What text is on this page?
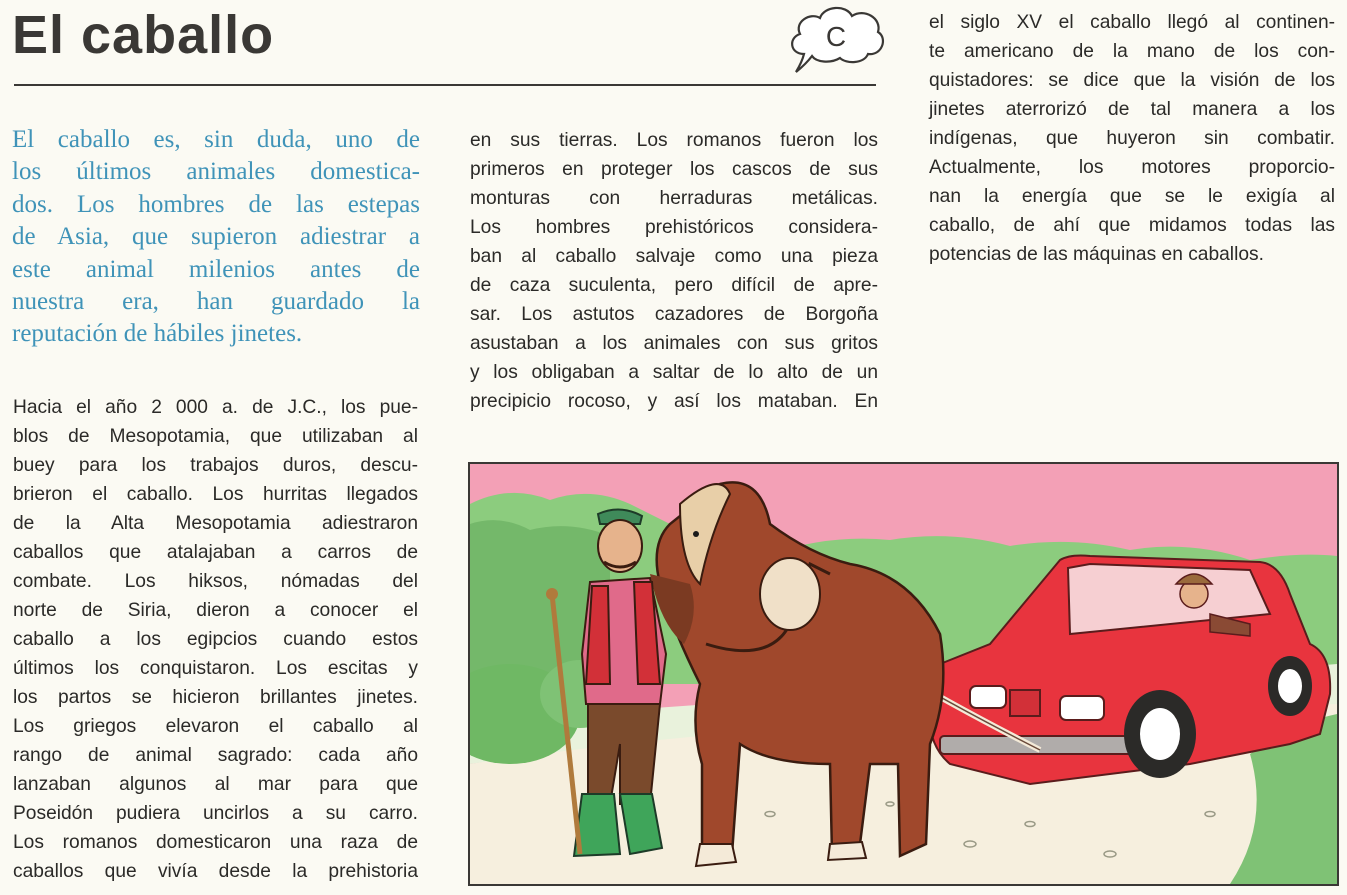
El caballo	C

El caballo es, sin duda, uno de
los últimos animales domestica-
dos. Los hombres de las estepas
de Asia, que supieron adiestrar a
este animal milenios antes de
nuestra era, han guardado la
reputación de hábiles jinetes.

Hacia el año 2 000 a. de J.C., los pue-
blos de Mesopotamia, que utilizaban al
buey para los trabajos duros, descu-
brieron el caballo. Los hurritas llegados
de la Alta Mesopotamia adiestraron
caballos que atalajaban a carros de
combate. Los hiksos, nómadas del
norte de Siria, dieron a conocer el
caballo a los egipcios cuando estos
últimos los conquistaron. Los escitas y
los partos se hicieron brillantes jinetes.
Los griegos elevaron el caballo al
rango de animal sagrado: cada año
lanzaban algunos al mar para que
Poseidón pudiera uncirlos a su carro.
Los romanos domesticaron una raza de
caballos que vivía desde la prehistoria
en sus tierras. Los romanos fueron los
primeros en proteger los cascos de sus
monturas con herraduras metálicas.
Los hombres prehistóricos considera-
ban al caballo salvaje como una pieza
de caza suculenta, pero difícil de apre-
sar. Los astutos cazadores de Borgoña
asustaban a los animales con sus gritos
y los obligaban a saltar de lo alto de un
precipicio rocoso, y así los mataban. En
el siglo XV el caballo llegó al continen-
te americano de la mano de los con-
quistadores: se dice que la visión de los
jinetes aterrorizó de tal manera a los
indígenas, que huyeron sin combatir.
Actualmente, los motores proporcio-
nan la energía que se le exigía al
caballo, de ahí que midamos todas las
potencias de las máquinas en caballos.
